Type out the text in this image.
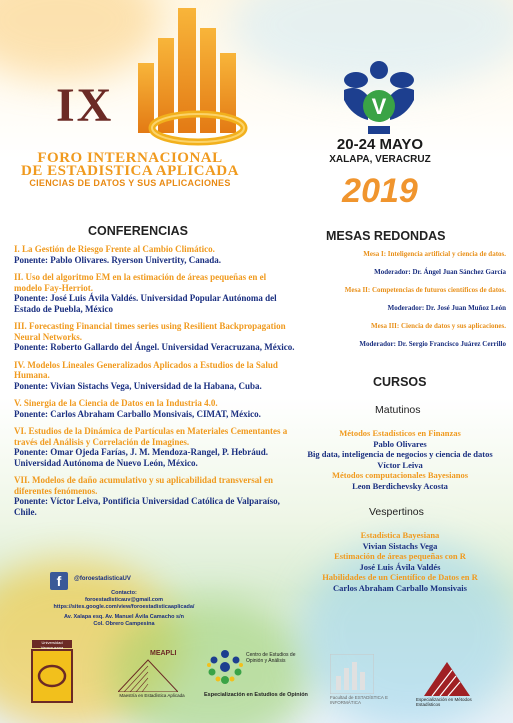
IX
FORO INTERNACIONAL
DE ESTADISTICA APLICADA
CIENCIAS DE DATOS Y SUS APLICACIONES
V
20-24 MAYO
XALAPA, VERACRUZ
2019
CONFERENCIAS
I. La Gestión de Riesgo Frente al Cambio Climático.
Ponente: Pablo Olivares. Ryerson Univertity, Canada.
II. Uso del algoritmo EM en la estimación de áreas pequeñas en el modelo Fay-Herriot.
Ponente: José Luis Ávila Valdés. Universidad Popular Autónoma del Estado de Puebla, México
III. Forecasting Financial times series using Resilient Backpropagation Neural Networks.
Ponente: Roberto Gallardo del Ángel. Universidad Veracruzana, México.
IV. Modelos Lineales Generalizados Aplicados a Estudios de la Salud Humana.
Ponente: Vivian Sistachs Vega, Universidad de la Habana, Cuba.
V. Sinergia de la Ciencia de Datos en la Industria 4.0.
Ponente: Carlos Abraham Carballo Monsivais, CIMAT, México.
VI. Estudios de la Dinámica de Partículas en Materiales Cementantes a través del Análisis y Correlación de Imagines.
Ponente: Omar Ojeda Farías, J. M. Mendoza-Rangel, P. Hebráud. Universidad Autónoma de Nuevo León, México.
VII. Modelos de daño acumulativo y su aplicabilidad transversal en diferentes fenómenos.
Ponente: Víctor Leiva, Pontificia Universidad Católica de Valparaíso, Chile.
MESAS REDONDAS
Mesa I: Inteligencia artificial y ciencia de datos.
Moderador: Dr. Ángel Juan Sánchez García
Mesa II: Competencias de futuros científicos de datos.
Moderador: Dr. José Juan Muñoz León
Mesa III: Ciencia de datos y sus aplicaciones.
Moderador: Dr. Sergio Francisco Juárez Cerrillo
CURSOS
Matutinos
Métodos Estadísticos en Finanzas
Pablo Olivares
Big data, inteligencia de negocios y ciencia de datos
Víctor Leiva
Métodos computacionales Bayesianos
Leon Berdichevsky Acosta
Vespertinos
Estadística Bayesiana
Vivian Sistachs Vega
Estimación de áreas pequeñas con R
José Luis Ávila Valdés
Habilidades de un Científico de Datos en R
Carlos Abraham Carballo Monsivais
f	@foroestadisticaUV
Contacto:
foroestadisticauv@gmail.com
https://sites.google.com/view/foroestadisticaaplicada/
Av. Xalapa esq. Av. Manuel Ávila Camacho s/n
Col. Obrero Campesina
Universidad Veracruzana
MEAPLI
Maestría en Estadística Aplicada
Centro de Estudios de Opinión y Análisis
Especialización en Estudios de Opinión	Facultad de ESTADÍSTICA E INFORMÁTICA
Especialización en Métodos Estadísticos
